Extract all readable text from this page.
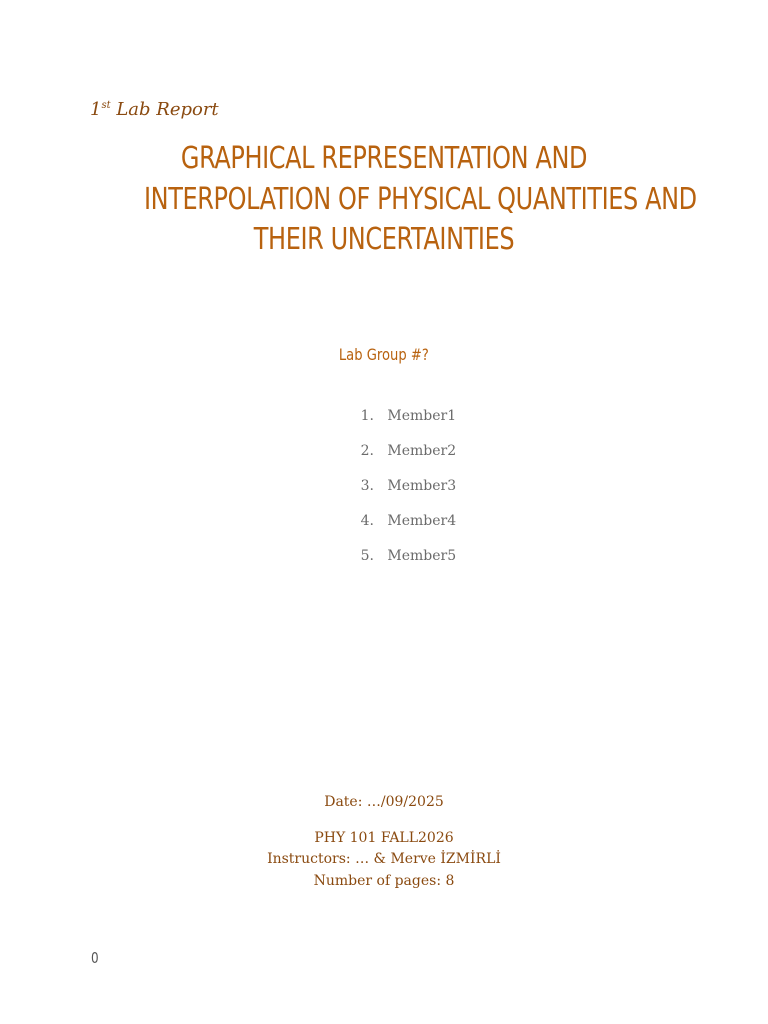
1st Lab Report
GRAPHICAL REPRESENTATION AND
INTERPOLATION OF PHYSICAL QUANTITIES AND
THEIR UNCERTAINTIES
Lab Group #?
1. Member1
2. Member2
3. Member3
4. Member4
5. Member5
Date: …/09/2025
PHY 101 FALL2026
Instructors: … & Merve İZMİRLİ
Number of pages: 8
0
